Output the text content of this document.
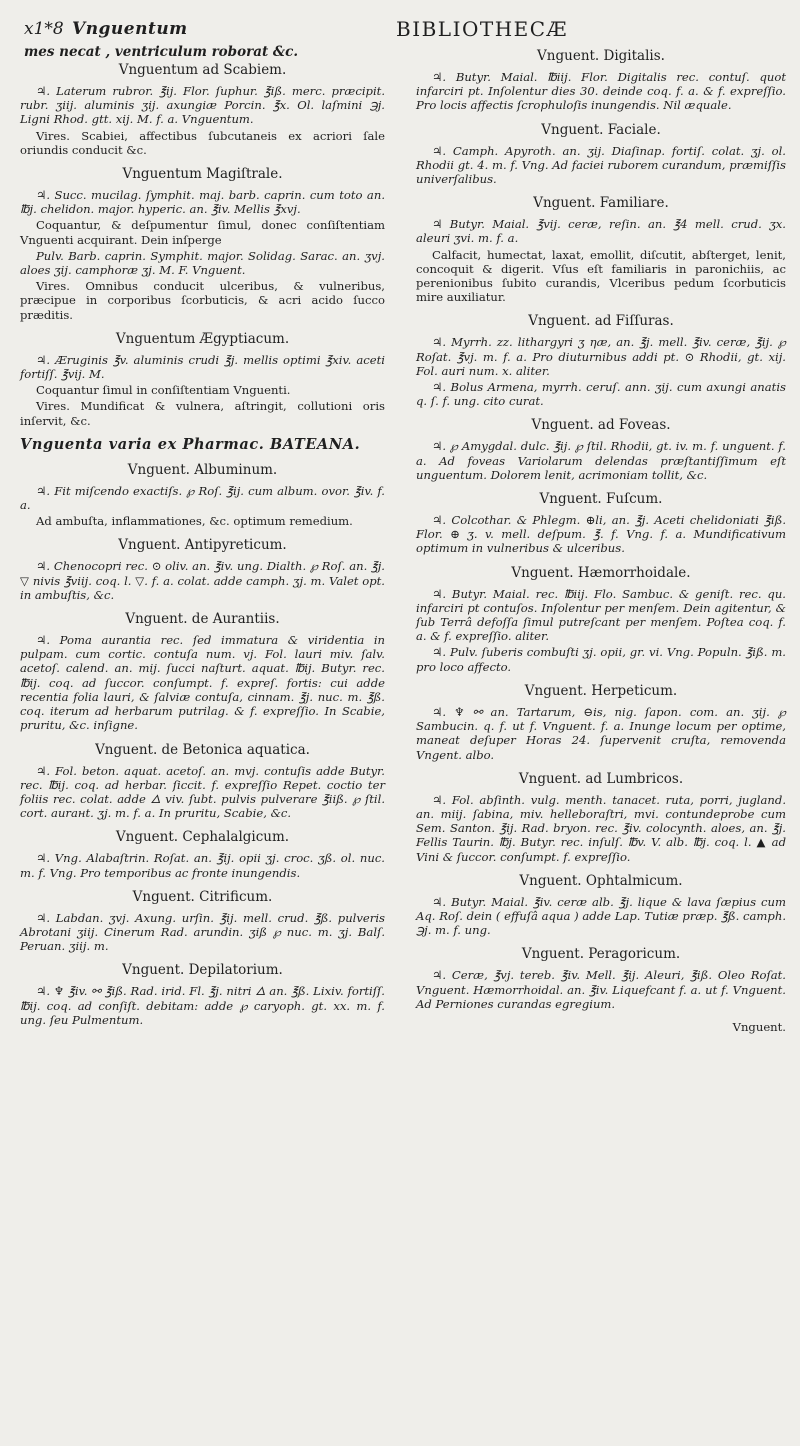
x1*8 Vnguentum	BIBLIOTHECÆ
mes necat , ventriculum roborat &c.
Vnguentum ad Scabiem.
♃. Laterum rubror. ℥ij. Flor. ſuphur. ℥iß. merc. præcipit. rubr. ʒiij. aluminis ʒij. axungiæ Porcin. ℥x. Ol. laſmini ℈j. Ligni Rhod. gtt. xij. M. f. a. Vnguentum.
Vires. Scabiei, affectibus ſubcutaneis ex acriori ſale oriundis conducit &c.
Vnguentum Magiſtrale.
♃. Succ. mucilag. ſymphit. maj. barb. caprin. cum toto an. ℔j. chelidon. major. hyperic. an. ℥iv. Mellis ℥xvj.
Coquantur, & deſpumentur ſimul, donec conſiſtentiam Vnguenti acquirant. Dein inſperge
Pulv. Barb. caprin. Symphit. major. Solidag. Sarac. an. ʒvj. aloes ʒij. camphoræ ʒj. M. F. Vnguent.
Vires. Omnibus conducit ulceribus, & vulneribus, præcipue in corporibus ſcorbuticis, & acri acido ſucco præditis.
Vnguentum Ægyptiacum.
♃. Æruginis ℥v. aluminis crudi ℥j. mellis optimi ℥xiv. aceti fortiſſ. ℥vij. M.
Coquantur ſimul in conſiſtentiam Vnguenti.
Vires. Mundificat & vulnera, aſtringit, collutioni oris inſervit, &c.
Vnguenta varia ex Pharmac. BATEANA.
Vnguent. Albuminum.
♃. Fit miſcendo exactiſs. ℘ Roſ. ℥ij. cum album. ovor. ℥iv. f. a.
Ad ambuſta, inflammationes, &c. optimum remedium.
Vnguent. Antipyreticum.
♃. Chenocopri rec. ⊙ oliv. an. ℥iv. ung. Dialth. ℘ Roſ. an. ℥j. ▽ nivis ℥viij. coq. l. ▽. f. a. colat. adde camph. ʒj. m. Valet opt. in ambuſtis, &c.
Vnguent. de Aurantiis.
♃. Poma aurantia rec. ſed immatura & viridentia in pulpam. cum cortic. contuſa num. vj. Fol. lauri miv. ſalv. acetoſ. calend. an. mij. ſucci naſturt. aquat. ℔ij. Butyr. rec. ℔ij. coq. ad ſuccor. conſumpt. f. expreſ. fortis: cui adde recentia folia lauri, & ſalviæ contuſa, cinnam. ℥j. nuc. m. ℥ß. coq. iterum ad herbarum putrilag. & f. expreſſio. In Scabie, pruritu, &c. inſigne.
Vnguent. de Betonica aquatica.
♃. Fol. beton. aquat. acetoſ. an. mvj. contuſis adde Butyr. rec. ℔ij. coq. ad herbar. ſiccit. f. expreſſio Repet. coctio ter foliis rec. colat. adde 🜂 viv. ſubt. pulvis pulverare ℥iiß. ℘ ſtil. cort. auraнt. ʒj. m. f. a. In pruritu, Scabie, &c.
Vnguent. Cephalalgicum.
♃. Vng. Alabaſtrin. Roſat. an. ℥ij. opii ʒj. croc. ʒß. ol. nuc. m. f. Vng. Pro temporibus ac fronte inungendis.
Vnguent. Citrificum.
♃. Labdan. ʒvj. Axung. urſin. ℥ij. mell. crud. ℥ß. pulveris Abrotani ʒiij. Cinerum Rad. arundin. ʒiß ℘ nuc. m. ʒj. Balſ. Peruan. ʒiij. m.
Vnguent. Depilatorium.
♃. ♆ ℥iv. ⚯ ℥iß. Rad. irid. Fl. ℥j. nitri 🜂 an. ℥ß. Lixiv. fortiſſ. ℔ij. coq. ad conſiſt. debitam: adde ℘ caryoph. gt. xx. m. f. ung. ſeu Pulmentum.
Vnguent. Digitalis.
♃. Butyr. Maial. ℔iij. Flor. Digitalis rec. contuſ. quot infarciri pt. Inſolentur dies 30. deinde coq. f. a. & f. expreſſio. Pro locis affectis ſcrophuloſis inungendis. Nil æquale.
Vnguent. Faciale.
♃. Camph. Apyroth. an. ʒij. Diaſinap. fortiſ. colat. ʒj. ol. Rhodii gt. 4. m. f. Vng. Ad faciei ruborem curandum, præmiſſis univerſalibus.
Vnguent. Familiare.
♃ Butyr. Maial. ℥vij. ceræ, reſin. an. ℥4 mell. crud. ʒx. aleuri ʒvi. m. f. a.
Calfacit, humectat, laxat, emollit, diſcutit, abſterget, lenit, concoquit & digerit. Vſus eſt familiaris in paronichiis, ac perenionibus ſubito curandis, Vlceribus pedum ſcorbuticis mire auxiliatur.
Vnguent. ad Fiſſuras.
♃. Myrrh. zz. lithargyri ʒ ηæ, an. ℥j. mell. ℥iv. ceræ, ℥ij. ℘ Roſat. ℥vj. m. f. a. Pro diuturnibus addi pt. ⊙ Rhodii, gt. xij. Fol. auri num. x. aliter.
♃. Bolus Armena, myrrh. ceruſ. ann. ʒij. cum axungi anatis q. ſ. f. ung. cito curat.
Vnguent. ad Foveas.
♃. ℘ Amygdal. dulc. ℥ij. ℘ ſtil. Rhodii, gt. iv. m. f. unguent. f. a. Ad foveas Variolarum delendas præſtantiſſimum eſt unguentum. Dolorem lenit, acrimoniam tollit, &c.
Vnguent. Fuſcum.
♃. Colcothar. & Phlegm. ⊕li, an. ℥j. Aceti chelidoniati ℥iß. Flor. ⊕ ʒ. v. mell. deſpum. ℥. f. Vng. f. a. Mundificativum optimum in vulneribus & ulceribus.
Vnguent. Hæmorrhoidale.
♃. Butyr. Maial. rec. ℔iij. Flo. Sambuc. & geniſt. rec. qu. infarciri pt contuſos. Inſolentur per menſem. Dein agitentur, & ſub Terrâ defoſſa ſimul putreſcant per menſem. Poſtea coq. f. a. & f. expreſſio. aliter.
♃. Pulv. ſuberis combuſti ʒj. opii, gr. vi. Vng. Populn. ℥iß. m. pro loco affecto.
Vnguent. Herpeticum.
♃. ♆ ⚯ an. Tartarum, ⊖is, nig. ſapon. com. an. ʒij. ℘ Sambucin. q. f. ut f. Vnguent. f. a. Inunge locum per optime, maneat deſuper Horas 24. ſupervenit cruſta, removenda Vngent. albo.
Vnguent. ad Lumbricos.
♃. Fol. abſinth. vulg. menth. tanacet. ruta, porri, jugland. an. miij. ſabina, miv. helleboraſtri, mvi. contundeprobe cum Sem. Santon. ℥ij. Rad. bryon. rec. ℥iv. colocynth. aloes, an. ℥j. Fellis Taurin. ℔j. Butyr. rec. inſulſ. ℔v. V. alb. ℔j. coq. l. ▲ ad Vini & ſuccor. conſumpt. f. expreſſio.
Vnguent. Ophtalmicum.
♃. Butyr. Maial. ℥iv. ceræ alb. ℥j. lique & lava ſæpius cum Aq. Roſ. dein ( effuſâ aqua ) adde Lap. Tutiæ præp. ℥ß. camph. ℈j. m. f. ung.
Vnguent. Peragoricum.
♃. Ceræ, ℥vj. tereb. ℥iv. Mell. ℥ij. Aleuri, ℥iß. Oleo Roſat. Vnguent. Hæmorrhoidal. an. ℥iv. Liquefcant f. a. ut f. Vnguent. Ad Perniones curandas egregium.
Vnguent.
